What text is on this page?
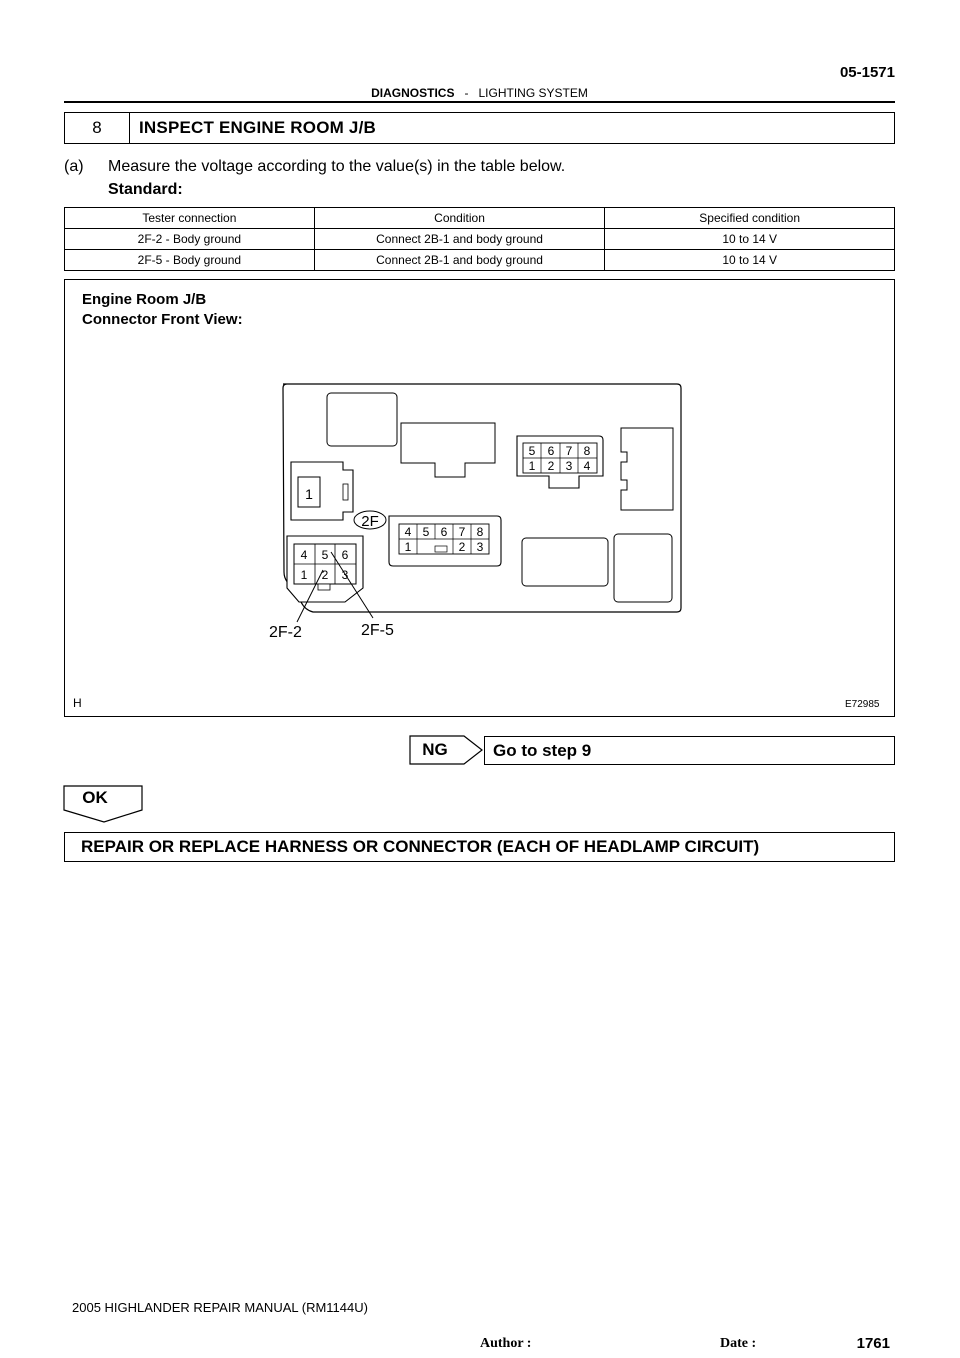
05-1571
DIAGNOSTICS - LIGHTING SYSTEM
8	INSPECT ENGINE ROOM J/B
(a) Measure the voltage according to the value(s) in the table below.
Standard:
Tester connection	Condition	Specified condition
2F-2 - Body ground	Connect 2B-1 and body ground	10 to 14 V
2F-5 - Body ground	Connect 2B-1 and body ground	10 to 14 V
Engine Room J/B
Connector Front View:
1
2F
4 5 6
1 2 3
4 5 6 7 8
1	2 3
5 6 7 8
1 2 3 4
2F-2	2F-5
H	E72985
NG	Go to step 9
OK
REPAIR OR REPLACE HARNESS OR CONNECTOR (EACH OF HEADLAMP CIRCUIT)
2005 HIGHLANDER REPAIR MANUAL (RM1144U)
Author :	Date :	1761
